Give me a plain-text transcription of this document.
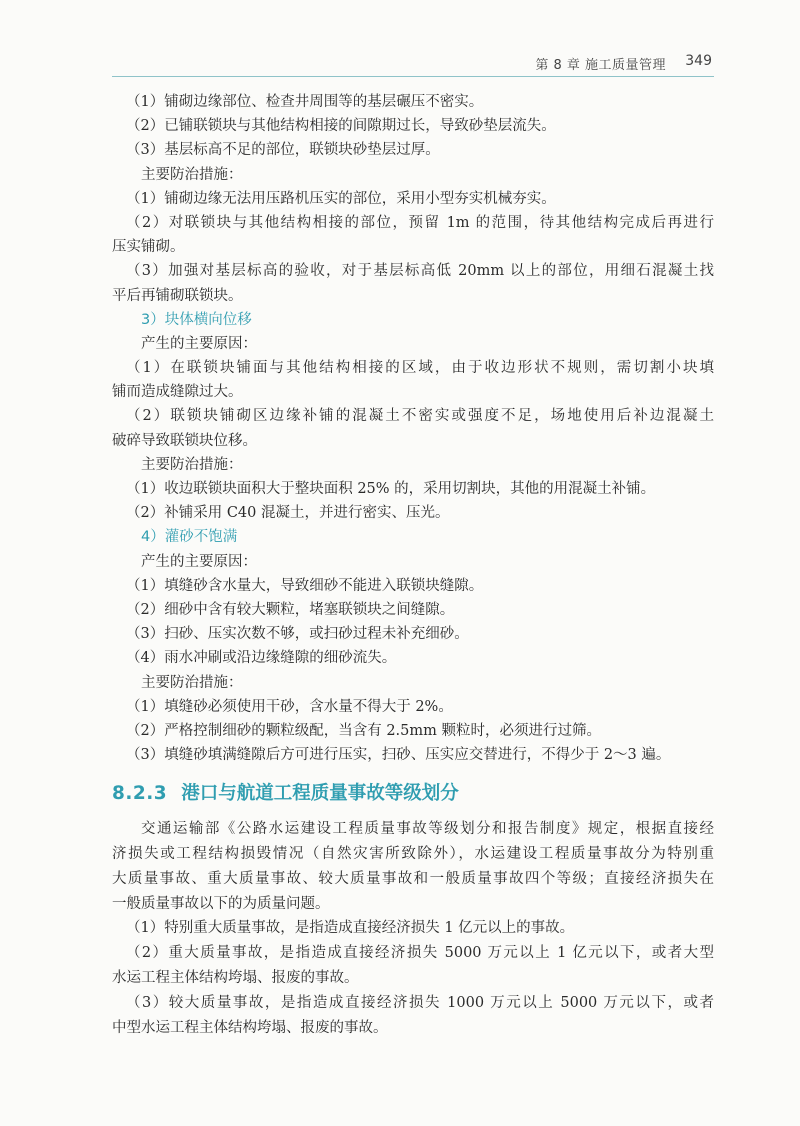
第 8 章 施工质量管理 349
（1）铺砌边缘部位、检查井周围等的基层碾压不密实。
（2）已铺联锁块与其他结构相接的间隙期过长，导致砂垫层流失。
（3）基层标高不足的部位，联锁块砂垫层过厚。
主要防治措施：
（1）铺砌边缘无法用压路机压实的部位，采用小型夯实机械夯实。
（2）对联锁块与其他结构相接的部位，预留 1m 的范围，待其他结构完成后再进行
压实铺砌。
（3）加强对基层标高的验收，对于基层标高低 20mm 以上的部位，用细石混凝土找
平后再铺砌联锁块。
3）块体横向位移
产生的主要原因：
（1）在联锁块铺面与其他结构相接的区域，由于收边形状不规则，需切割小块填
铺而造成缝隙过大。
（2）联锁块铺砌区边缘补铺的混凝土不密实或强度不足，场地使用后补边混凝土
破碎导致联锁块位移。
主要防治措施：
（1）收边联锁块面积大于整块面积 25% 的，采用切割块，其他的用混凝土补铺。
（2）补铺采用 C40 混凝土，并进行密实、压光。
4）灌砂不饱满
产生的主要原因：
（1）填缝砂含水量大，导致细砂不能进入联锁块缝隙。
（2）细砂中含有较大颗粒，堵塞联锁块之间缝隙。
（3）扫砂、压实次数不够，或扫砂过程未补充细砂。
（4）雨水冲刷或沿边缘缝隙的细砂流失。
主要防治措施：
（1）填缝砂必须使用干砂，含水量不得大于 2%。
（2）严格控制细砂的颗粒级配，当含有 2.5mm 颗粒时，必须进行过筛。
（3）填缝砂填满缝隙后方可进行压实，扫砂、压实应交替进行，不得少于 2～3 遍。
8.2.3 港口与航道工程质量事故等级划分
交通运输部《公路水运建设工程质量事故等级划分和报告制度》规定，根据直接经
济损失或工程结构损毁情况（自然灾害所致除外），水运建设工程质量事故分为特别重
大质量事故、重大质量事故、较大质量事故和一般质量事故四个等级；直接经济损失在
一般质量事故以下的为质量问题。
（1）特别重大质量事故，是指造成直接经济损失 1 亿元以上的事故。
（2）重大质量事故，是指造成直接经济损失 5000 万元以上 1 亿元以下，或者大型
水运工程主体结构垮塌、报废的事故。
（3）较大质量事故，是指造成直接经济损失 1000 万元以上 5000 万元以下，或者
中型水运工程主体结构垮塌、报废的事故。
